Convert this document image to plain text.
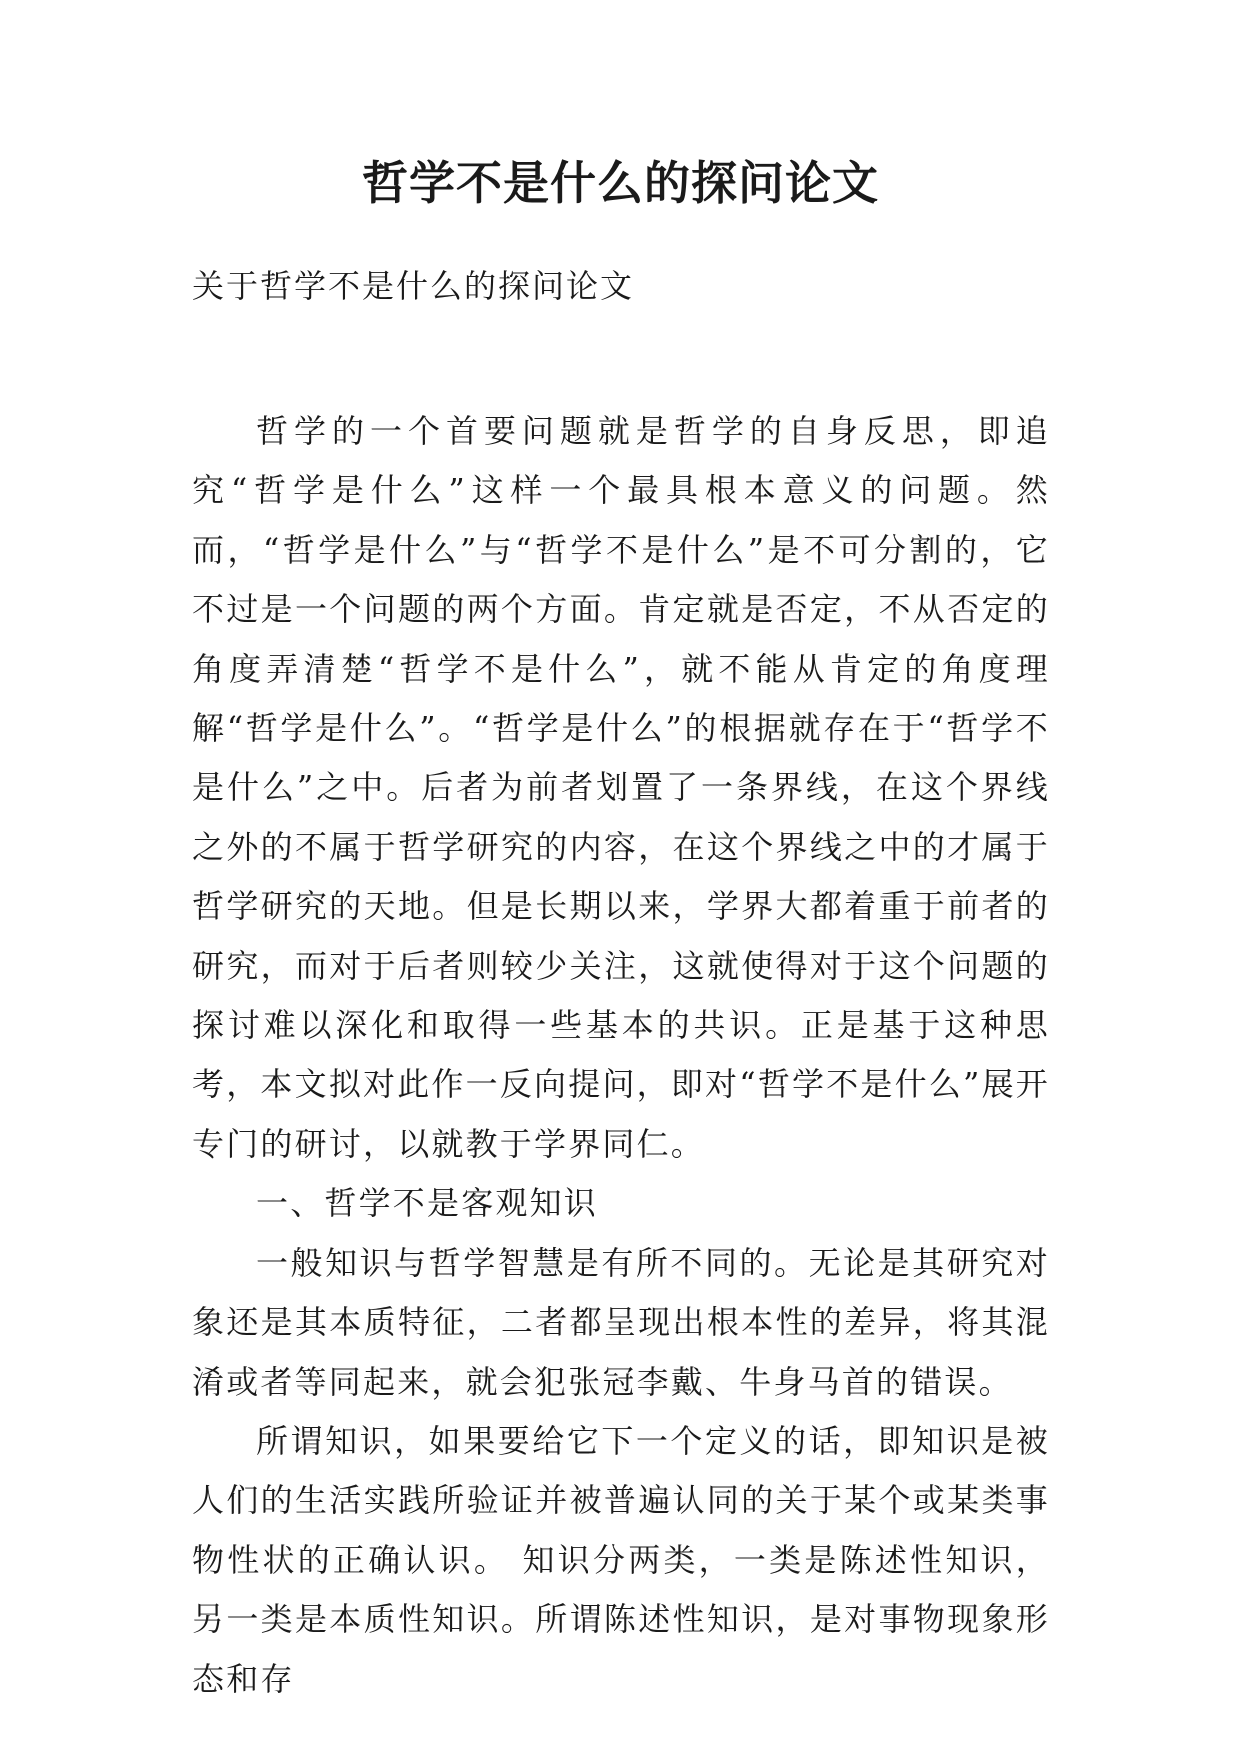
哲学不是什么的探问论文
关于哲学不是什么的探问论文

哲学的一个首要问题就是哲学的自身反思，即追究“哲学是什么”这样一个最具根本意义的问题。然而，“哲学是什么”与“哲学不是什么”是不可分割的，它不过是一个问题的两个方面。肯定就是否定，不从否定的角度弄清楚“哲学不是什么”，就不能从肯定的角度理解“哲学是什么”。“哲学是什么”的根据就存在于“哲学不是什么”之中。后者为前者划置了一条界线，在这个界线之外的不属于哲学研究的内容，在这个界线之中的才属于哲学研究的天地。但是长期以来，学界大都着重于前者的研究，而对于后者则较少关注，这就使得对于这个问题的探讨难以深化和取得一些基本的共识。正是基于这种思考，本文拟对此作一反向提问，即对“哲学不是什么”展开专门的研讨，以就教于学界同仁。

一、哲学不是客观知识

一般知识与哲学智慧是有所不同的。无论是其研究对象还是其本质特征，二者都呈现出根本性的差异，将其混淆或者等同起来，就会犯张冠李戴、牛身马首的错误。

所谓知识，如果要给它下一个定义的话，即知识是被人们的生活实践所验证并被普遍认同的关于某个或某类事物性状的正确认识。 知识分两类，一类是陈述性知识，另一类是本质性知识。所谓陈述性知识，是对事物现象形态和存
